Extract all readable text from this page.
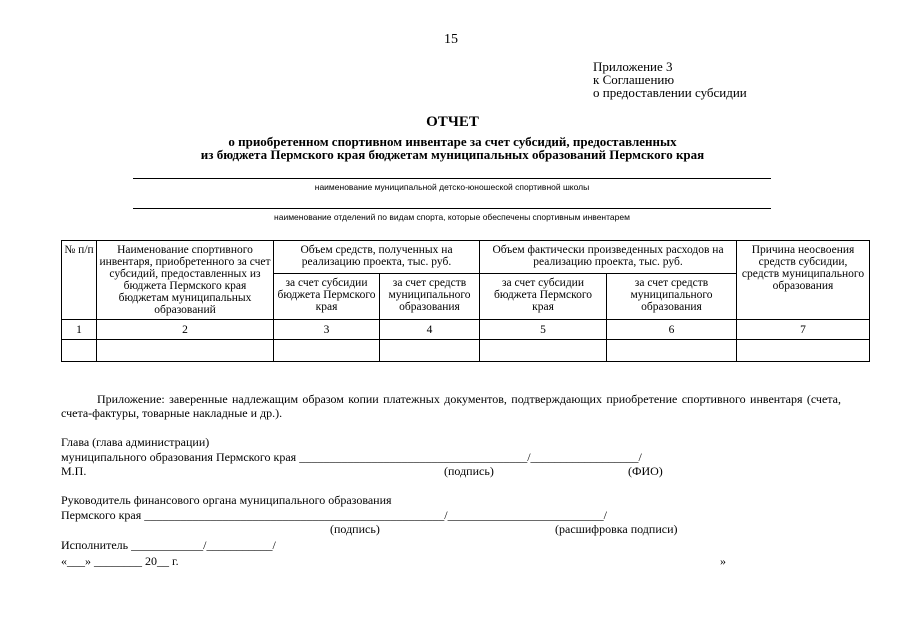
15
Приложение 3
к Соглашению
о предоставлении субсидии
ОТЧЕТ
о приобретенном спортивном инвентаре за счет субсидий, предоставленных
из бюджета Пермского края бюджетам муниципальных образований Пермского края
наименование муниципальной детско-юношеской спортивной школы
наименование отделений по видам спорта, которые обеспечены спортивным инвентарем
№ п/п	Наименование спортивного инвентаря, приобретенного за счет субсидий, предоставленных из бюджета Пермского края бюджетам муниципальных образований	Объем средств, полученных на реализацию проекта, тыс. руб.		Объем фактически произведенных расходов на реализацию проекта, тыс. руб.		Причина неосвоения средств субсидии, средств муниципального образования
		за счет субсидии бюджета Пермского края	за счет средств муниципального образования	за счет субсидии бюджета Пермского края	за счет средств муниципального образования	
1	2	3	4	5	6	7

Приложение: заверенные надлежащим образом копии платежных документов, подтверждающих приобретение спортивного инвентаря (счета, счета-фактуры, товарные накладные и др.).
Глава (глава администрации)
муниципального образования Пермского края ______________________________________/__________________/
М.П.	(подпись)	(ФИО)
Руководитель финансового органа муниципального образования
Пермского края __________________________________________________/__________________________/
(подпись)	(расшифровка подписи)
Исполнитель ____________/___________/
«___» ________ 20__ г.	»
